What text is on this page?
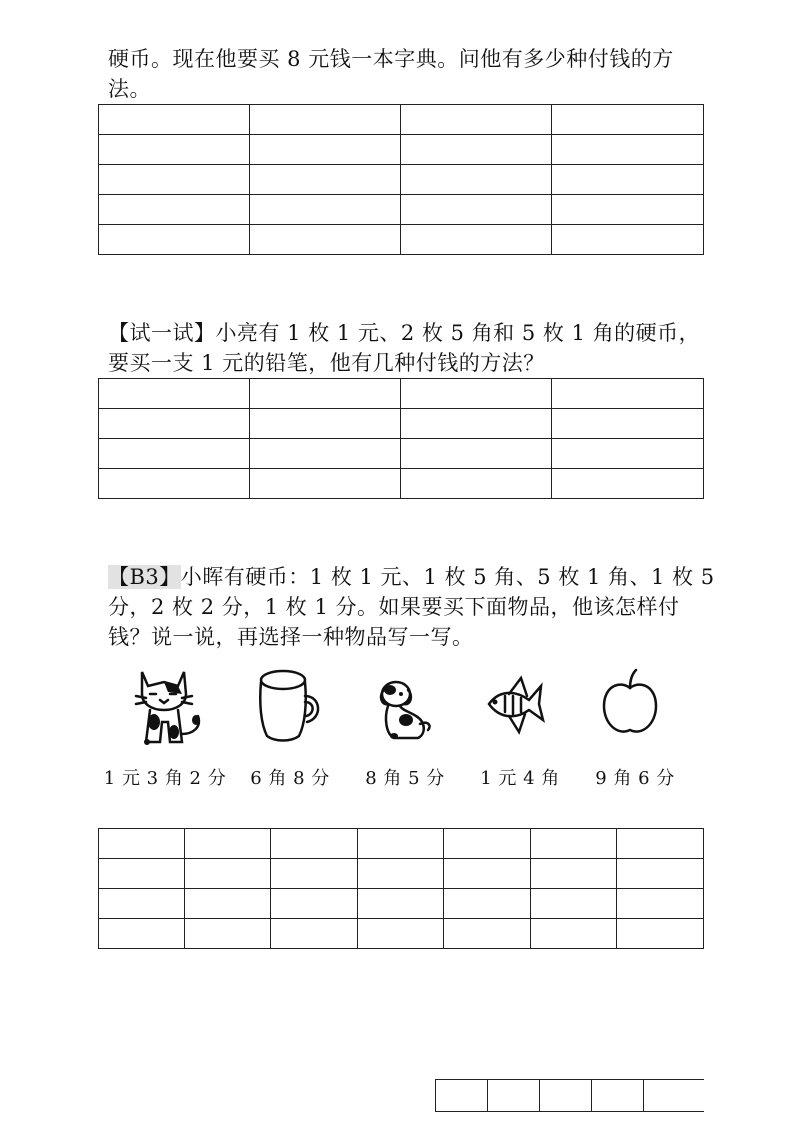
硬币。现在他要买 8 元钱一本字典。问他有多少种付钱的方

法。

【试一试】小亮有 1 枚 1 元、2 枚 5 角和 5 枚 1 角的硬币，

要买一支 1 元的铅笔，他有几种付钱的方法？

【B3】小晖有硬币：1 枚 1 元、1 枚 5 角、5 枚 1 角、1 枚 5

分，2 枚 2 分，1 枚 1 分。如果要买下面物品，他该怎样付

钱？说一说，再选择一种物品写一写。

1 元 3 角 2 分	6 角 8 分	8 角 5 分	1 元 4 角	9 角 6 分
